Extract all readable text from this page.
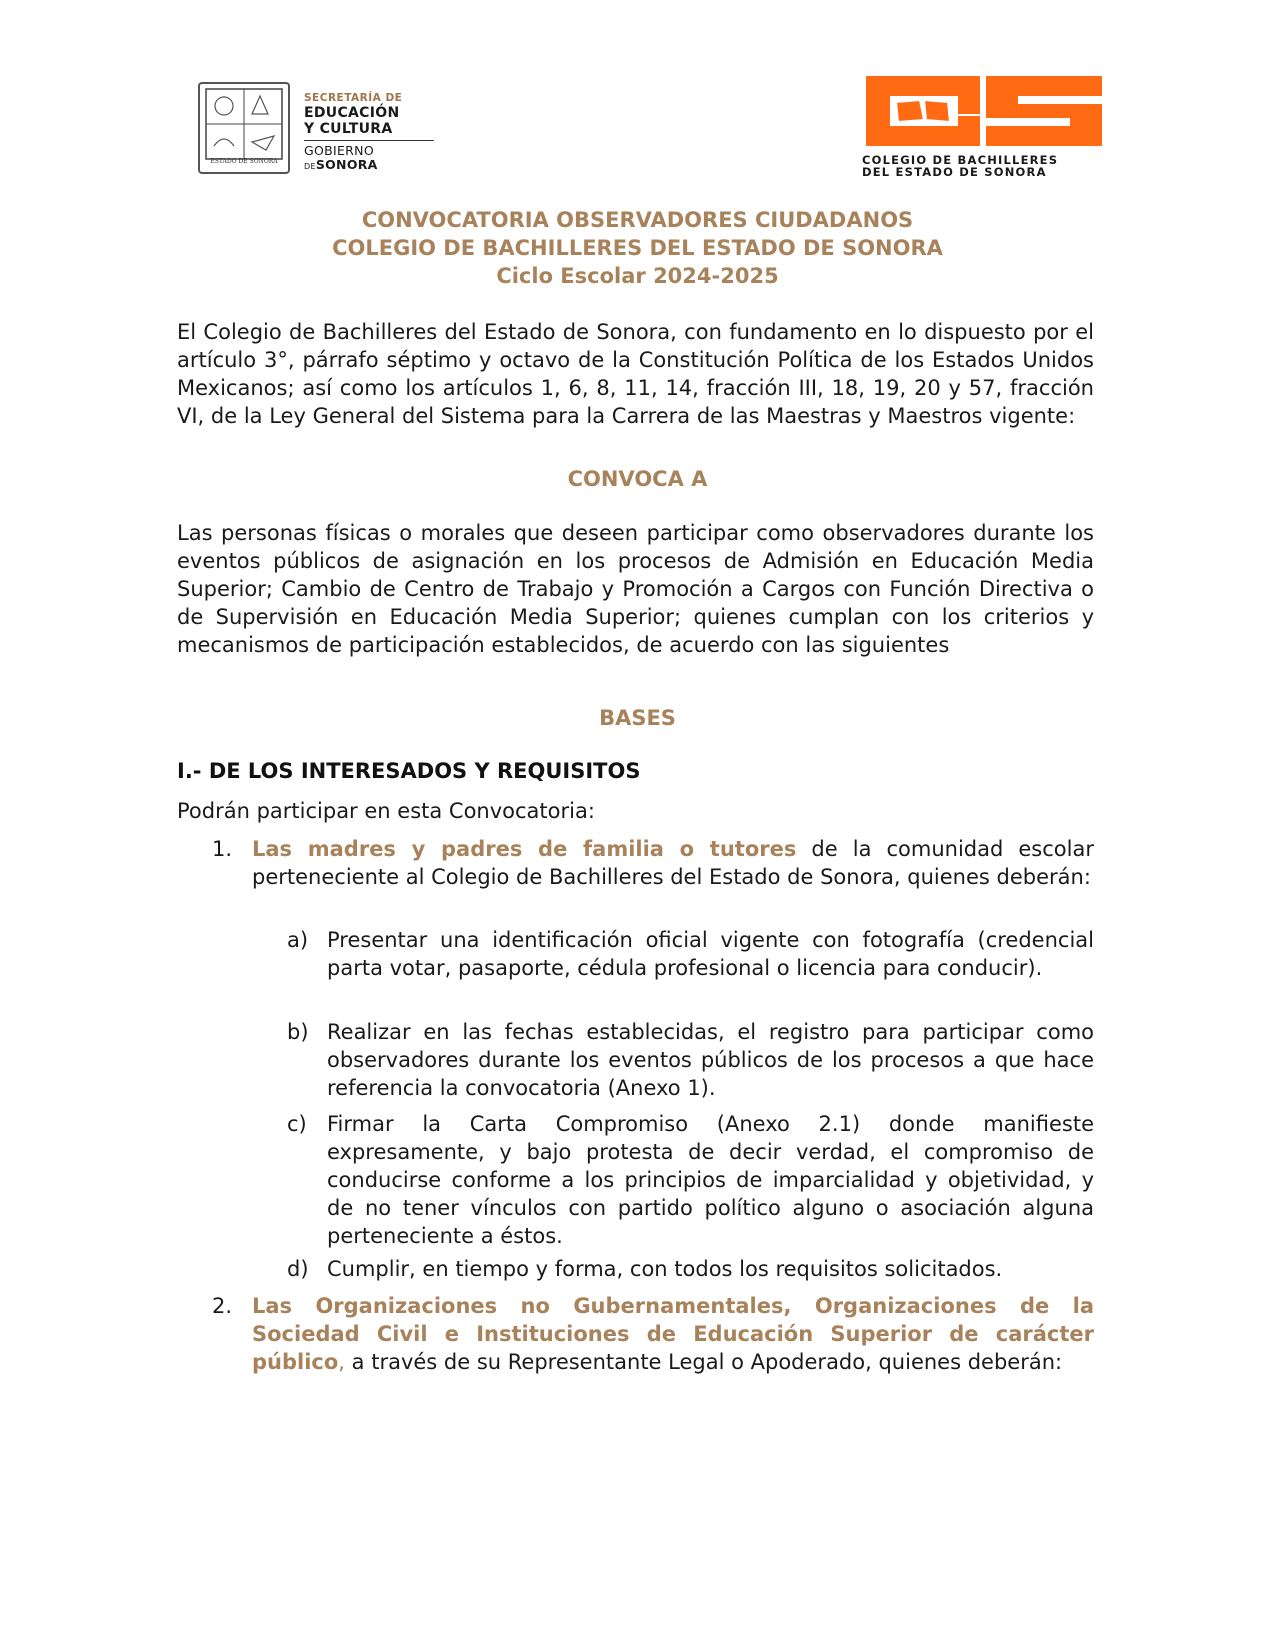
ESTADO DE SONORA
SECRETARÍA DE
EDUCACIÓN
Y CULTURA
GOBIERNO
DESONORA	COLEGIO DE BACHILLERES
DEL ESTADO DE SONORA
CONVOCATORIA OBSERVADORES CIUDADANOS
COLEGIO DE BACHILLERES DEL ESTADO DE SONORA
Ciclo Escolar 2024-2025
El Colegio de Bachilleres del Estado de Sonora, con fundamento en lo dispuesto por el artículo 3°, párrafo séptimo y octavo de la Constitución Política de los Estados Unidos Mexicanos; así como los artículos 1, 6, 8, 11, 14, fracción III, 18, 19, 20 y 57, fracción VI, de la Ley General del Sistema para la Carrera de las Maestras y Maestros vigente:
CONVOCA A
Las personas físicas o morales que deseen participar como observadores durante los eventos públicos de asignación en los procesos de Admisión en Educación Media Superior; Cambio de Centro de Trabajo y Promoción a Cargos con Función Directiva o de Supervisión en Educación Media Superior; quienes cumplan con los criterios y mecanismos de participación establecidos, de acuerdo con las siguientes
BASES
I.- DE LOS INTERESADOS Y REQUISITOS
Podrán participar en esta Convocatoria:
1. Las madres y padres de familia o tutores de la comunidad escolar perteneciente al Colegio de Bachilleres del Estado de Sonora, quienes deberán:
a) Presentar una identificación oficial vigente con fotografía (credencial parta votar, pasaporte, cédula profesional o licencia para conducir).
b) Realizar en las fechas establecidas, el registro para participar como observadores durante los eventos públicos de los procesos a que hace referencia la convocatoria (Anexo 1).
c) Firmar la Carta Compromiso (Anexo 2.1) donde manifieste expresamente, y bajo protesta de decir verdad, el compromiso de conducirse conforme a los principios de imparcialidad y objetividad, y de no tener vínculos con partido político alguno o asociación alguna perteneciente a éstos.
d) Cumplir, en tiempo y forma, con todos los requisitos solicitados.
2. Las Organizaciones no Gubernamentales, Organizaciones de la Sociedad Civil e Instituciones de Educación Superior de carácter público, a través de su Representante Legal o Apoderado, quienes deberán:
